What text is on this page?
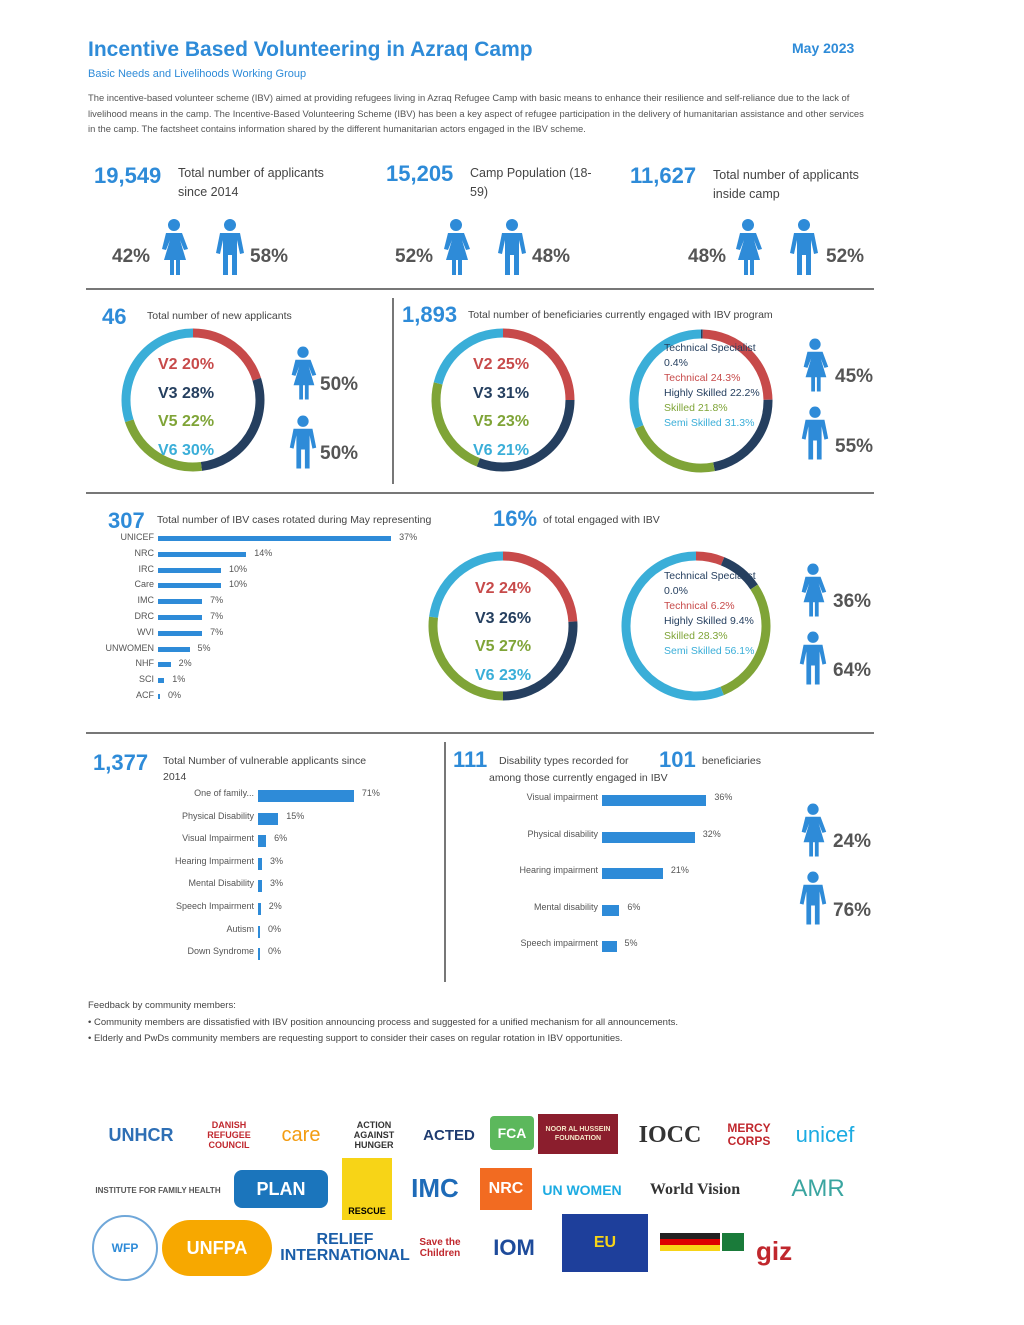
Incentive Based Volunteering in Azraq Camp
Basic Needs and Livelihoods Working Group
May 2023
The incentive-based volunteer scheme (IBV) aimed at providing refugees living in Azraq Refugee Camp with basic means to enhance their resilience and self-reliance due to the lack of livelihood means in the camp. The Incentive-Based Volunteering Scheme (IBV) has been a key aspect of refugee participation in the delivery of humanitarian assistance and other services in the camp. The factsheet contains information shared by the different humanitarian actors engaged in the IBV scheme.
19,549 Total number of applicants since 2014
42%	58%
15,205 Camp Population (18-59)
52%	48%
11,627 Total number of applicants inside camp
48%	52%
46 Total number of new applicants
V2 20%
V3 28%
V5 22%
V6 30%
50%
50%
1,893 Total number of beneficiaries currently engaged with IBV program
V2 25%
V3 31%
V5 23%
V6 21%
Technical Specialist 0.4%
Technical 24.3%
Highly Skilled 22.2%
Skilled 21.8%
Semi Skilled 31.3%
45%
55%
307 Total number of IBV cases rotated during May representing	16% of total engaged with IBV
UNICEF	37%
NRC	14%
IRC	10%
Care	10%
IMC	7%
DRC	7%
WVI	7%
UNWOMEN	5%
NHF	2%
SCI 1%
ACF 0%
V2 24%
V3 26%
V5 27%
V6 23%
Technical Specialist 0.0%
Technical 6.2%
Highly Skilled 9.4%
Skilled 28.3%
Semi Skilled 56.1%
36%
64%
1,377 Total Number of vulnerable applicants since 2014
One of family...	71%
Physical Disability	15%
Visual Impairment 6%
Hearing Impairment 3%
Mental Disability 3%
Speech Impairment 2%
Autism 0%
Down Syndrome 0%
111 Disability types recorded for 101 beneficiaries
among those currently engaged in IBV
Visual impairment	36%
Physical disability	32%
Hearing impairment	21%
Mental disability	6%
Speech impairment	5%
24%
76%
Feedback by community members:
• Community members are dissatisfied with IBV position announcing process and suggested for a unified mechanism for all announcements.
• Elderly and PwDs community members are requesting support to consider their cases on regular rotation in IBV opportunities.
UNHCR	DANISH REFUGEE COUNCIL	care	ACTION AGAINST HUNGER
ACTED	FCA	NOOR AL HUSSEIN FOUNDATION	IOCC	MERCY CORPS	unicef
INSTITUTE FOR FAMILY HEALTH	PLAN
RESCUE
IMC	NRC	UN WOMEN	World Vision	AMR
WFP	UNFPA	RELIEF INTERNATIONAL
Save the Children	IOM	EU	giz
